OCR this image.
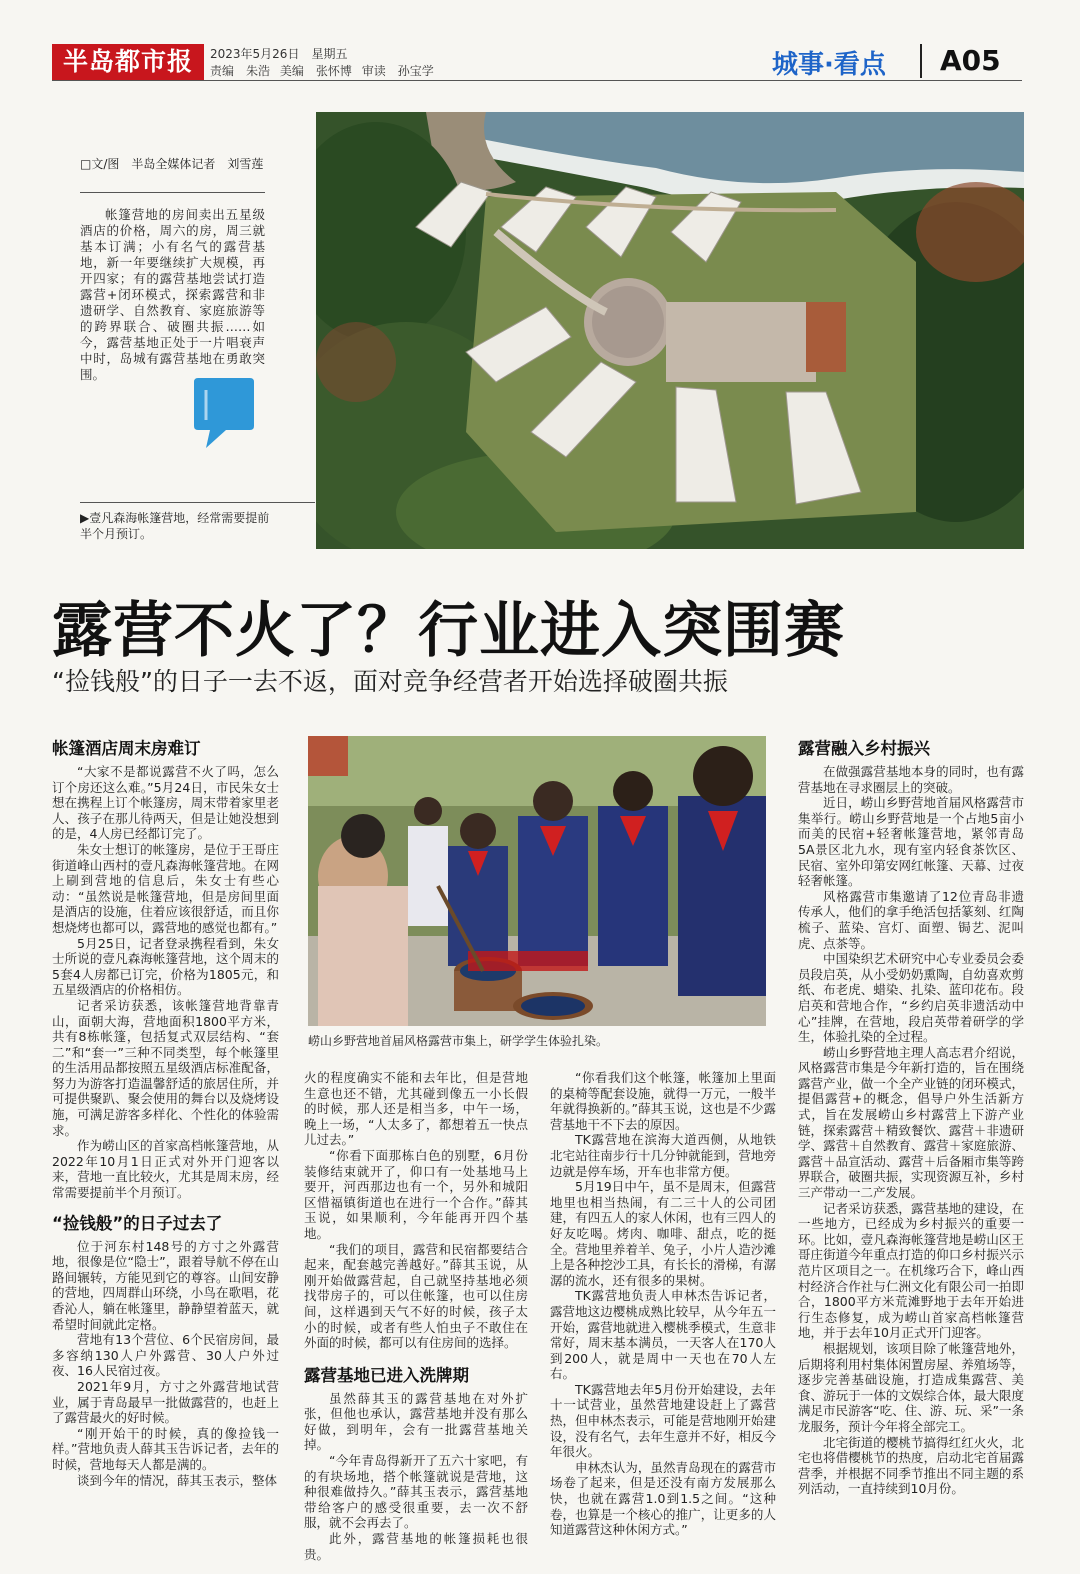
半岛都市报	2023年5月26日　星期五
责编　朱浩 美编　张怀博 审读　孙宝学	城事·看点 A05
□文/图　半岛全媒体记者　刘雪莲
帐篷营地的房间卖出五星级酒店的价格，周六的房，周三就基本订满；小有名气的露营基地，新一年要继续扩大规模，再开四家；有的露营基地尝试打造露营+闭环模式，探索露营和非遗研学、自然教育、家庭旅游等的跨界联合、破圈共振……如今，露营基地正处于一片唱衰声中时，岛城有露营基地在勇敢突围。
▶壹凡森海帐篷营地，经常需要提前半个月预订。
露营不火了？行业进入突围赛
“捡钱般”的日子一去不返，面对竞争经营者开始选择破圈共振
帐篷酒店周末房难订

“大家不是都说露营不火了吗，怎么订个房还这么难。”5月24日，市民朱女士想在携程上订个帐篷房，周末带着家里老人、孩子在那儿待两天，但是让她没想到的是，4人房已经都订完了。

朱女士想订的帐篷房，是位于王哥庄街道峰山西村的壹凡森海帐篷营地。在网上刷到营地的信息后，朱女士有些心动：“虽然说是帐篷营地，但是房间里面是酒店的设施，住着应该很舒适，而且你想烧烤也都可以，露营地的感觉也都有。”

5月25日，记者登录携程看到，朱女士所说的壹凡森海帐篷营地，这个周末的5套4人房都已订完，价格为1805元，和五星级酒店的价格相仿。

记者采访获悉，该帐篷营地背靠青山，面朝大海，营地面积1800平方米，共有8栋帐篷，包括复式双层结构、“套二”和“套一”三种不同类型，每个帐篷里的生活用品都按照五星级酒店标准配备，努力为游客打造温馨舒适的旅居住所，并可提供聚趴、聚会使用的舞台以及烧烤设施，可满足游客多样化、个性化的体验需求。

作为崂山区的首家高档帐篷营地，从2022年10月1日正式对外开门迎客以来，营地一直比较火，尤其是周末房，经常需要提前半个月预订。

“捡钱般”的日子过去了

位于河东村148号的方寸之外露营地，很像是位“隐士”，跟着导航不停在山路间辗转，方能见到它的尊容。山间安静的营地，四周群山环绕，小鸟在歌唱，花香沁人，躺在帐篷里，静静望着蓝天，就希望时间就此定格。

营地有13个营位、6个民宿房间，最多容纳130人户外露营、30人户外过夜、16人民宿过夜。

2021年9月，方寸之外露营地试营业，属于青岛最早一批做露营的，也赶上了露营最火的好时候。

“刚开始干的时候，真的像捡钱一样。”营地负责人薛其玉告诉记者，去年的时候，营地每天人都是满的。

谈到今年的情况，薛其玉表示，整体

崂山乡野营地首届风格露营市集上，研学学生体验扎染。

火的程度确实不能和去年比，但是营地生意也还不错，尤其碰到像五一小长假的时候，那人还是相当多，中午一场，晚上一场，“人太多了，都想着五一快点儿过去。”

“你看下面那栋白色的别墅，6月份装修结束就开了，仰口有一处基地马上要开，河西那边也有一个，另外和城阳区惜福镇街道也在进行一个合作。”薛其玉说，如果顺利，今年能再开四个基地。

“我们的项目，露营和民宿都要结合起来，配套越完善越好。”薛其玉说，从刚开始做露营起，自己就坚持基地必须找带房子的，可以住帐篷，也可以住房间，这样遇到天气不好的时候，孩子太小的时候，或者有些人怕虫子不敢住在外面的时候，都可以有住房间的选择。

露营基地已进入洗牌期

虽然薛其玉的露营基地在对外扩张，但他也承认，露营基地并没有那么好做，到明年，会有一批露营基地关掉。

“今年青岛得新开了五六十家吧，有的有块场地，搭个帐篷就说是营地，这种很难做持久。”薛其玉表示，露营基地带给客户的感受很重要，去一次不舒服，就不会再去了。

此外，露营基地的帐篷损耗也很贵。

“你看我们这个帐篷，帐篷加上里面的桌椅等配套设施，就得一万元，一般半年就得换新的。”薛其玉说，这也是不少露营基地干不下去的原因。

TK露营地在滨海大道西侧，从地铁北宅站往南步行十几分钟就能到，营地旁边就是停车场，开车也非常方便。

5月19日中午，虽不是周末，但露营地里也相当热闹，有二三十人的公司团建，有四五人的家人休闲，也有三四人的好友吃喝。烤肉、咖啡、甜点，吃的挺全。营地里养着羊、兔子，小片人造沙滩上是各种挖沙工具，有长长的滑梯，有潺潺的流水，还有很多的果树。

TK露营地负责人申林杰告诉记者，露营地这边樱桃成熟比较早，从今年五一开始，露营地就进入樱桃季模式，生意非常好，周末基本满员，一天客人在170人到200人，就是周中一天也在70人左右。

TK露营地去年5月份开始建设，去年十一试营业，虽然营地建设赶上了露营热，但申林杰表示，可能是营地刚开始建设，没有名气，去年生意并不好，相反今年很火。

申林杰认为，虽然青岛现在的露营市场卷了起来，但是还没有南方发展那么快，也就在露营1.0到1.5之间。“这种卷，也算是一个核心的推广，让更多的人知道露营这种休闲方式。”

露营融入乡村振兴

在做强露营基地本身的同时，也有露营基地在寻求圈层上的突破。

近日，崂山乡野营地首届风格露营市集举行。崂山乡野营地是一个占地5亩小而美的民宿+轻奢帐篷营地，紧邻青岛5A景区北九水，现有室内轻食茶饮区、民宿、室外印第安网红帐篷、天幕、过夜轻奢帐篷。

风格露营市集邀请了12位青岛非遗传承人，他们的拿手绝活包括篆刻、红陶梳子、蓝染、宫灯、面塑、锔艺、泥叫虎、点茶等。

中国染织艺术研究中心专业委员会委员段启英，从小受奶奶熏陶，自幼喜欢剪纸、布老虎、蜡染、扎染、蓝印花布。段启英和营地合作，“乡约启英非遗活动中心”挂牌，在营地，段启英带着研学的学生，体验扎染的全过程。

崂山乡野营地主理人高志君介绍说，风格露营市集是今年新打造的，旨在围绕露营产业，做一个全产业链的闭环模式，提倡露营+的概念，倡导户外生活新方式，旨在发展崂山乡村露营上下游产业链，探索露营＋精致餐饮、露营＋非遗研学、露营＋自然教育、露营＋家庭旅游、露营＋品宣活动、露营＋后备厢市集等跨界联合，破圈共振，实现资源互补，乡村三产带动一二产发展。

记者采访获悉，露营基地的建设，在一些地方，已经成为乡村振兴的重要一环。比如，壹凡森海帐篷营地是崂山区王哥庄街道今年重点打造的仰口乡村振兴示范片区项目之一。在机缘巧合下，峰山西村经济合作社与仁洲文化有限公司一拍即合，1800平方米荒滩野地于去年开始进行生态修复，成为崂山首家高档帐篷营地，并于去年10月正式开门迎客。

根据规划，该项目除了帐篷营地外，后期将利用村集体闲置房屋、养殖场等，逐步完善基础设施，打造成集露营、美食、游玩于一体的文娱综合体，最大限度满足市民游客“吃、住、游、玩、采”一条龙服务，预计今年将全部完工。

北宅街道的樱桃节搞得红红火火，北宅也将借樱桃节的热度，启动北宅首届露营季，并根据不同季节推出不同主题的系列活动，一直持续到10月份。
